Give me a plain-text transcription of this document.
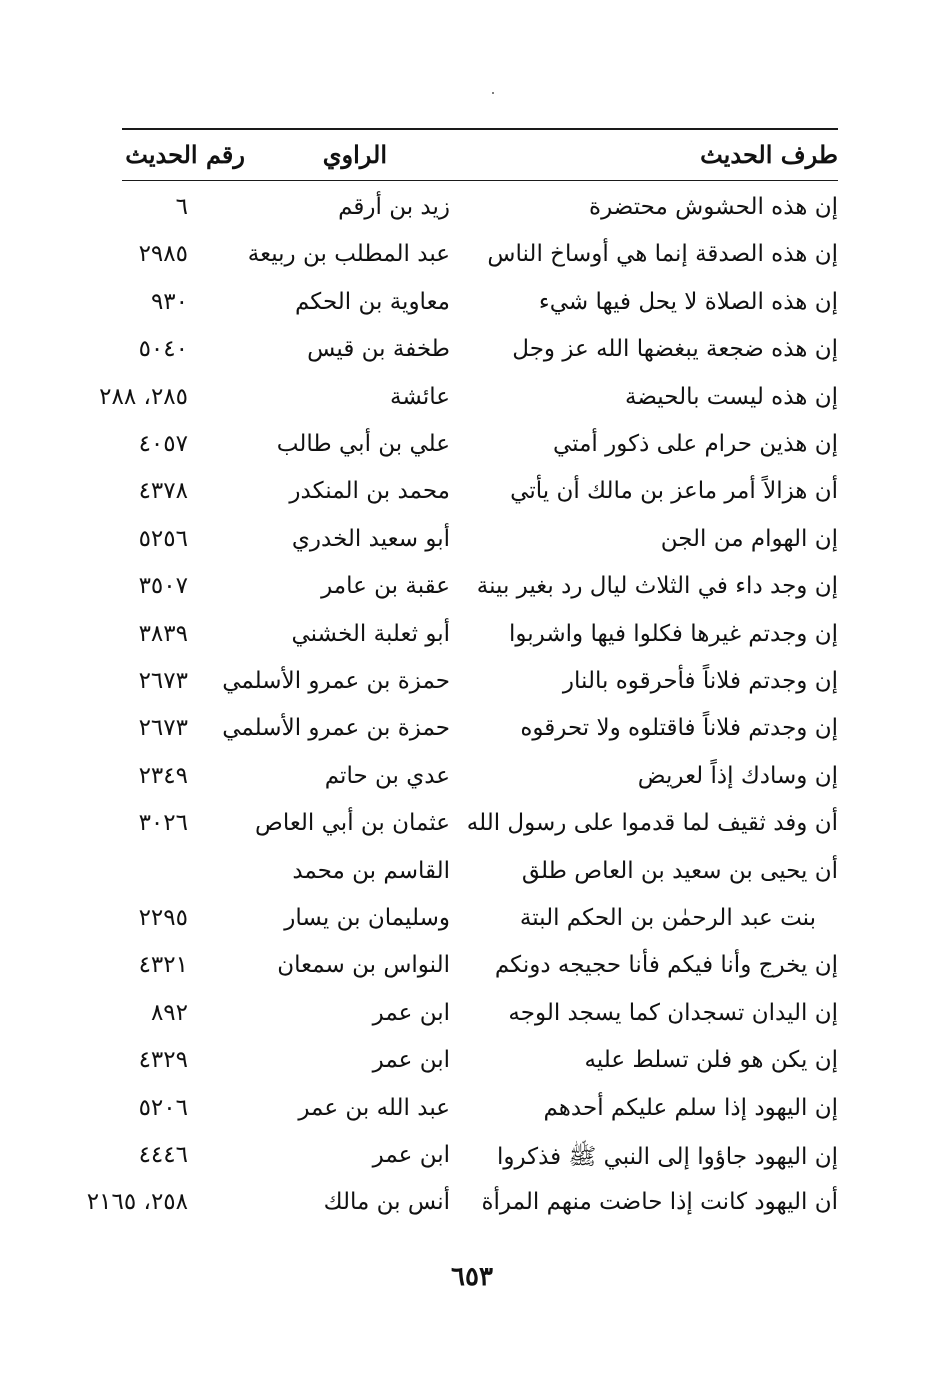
طرف الحديث
الراوي
رقم الحديث
إن هذه الحشوش محتضرة
زيد بن أرقم
٦
إن هذه الصدقة إنما هي أوساخ الناس
عبد المطلب بن ربيعة
٢٩٨٥
إن هذه الصلاة لا يحل فيها شيء
معاوية بن الحكم
٩٣٠
إن هذه ضجعة يبغضها الله عز وجل
طخفة بن قيس
٥٠٤٠
إن هذه ليست بالحيضة
عائشة
٢٨٥، ٢٨٨
إن هذين حرام على ذكور أمتي
علي بن أبي طالب
٤٠٥٧
أن هزالاً أمر ماعز بن مالك أن يأتي
محمد بن المنكدر
٤٣٧٨
إن الهوام من الجن
أبو سعيد الخدري
٥٢٥٦
إن وجد داء في الثلاث ليال رد بغير بينة
عقبة بن عامر
٣٥٠٧
إن وجدتم غيرها فكلوا فيها واشربوا
أبو ثعلبة الخشني
٣٨٣٩
إن وجدتم فلاناً فأحرقوه بالنار
حمزة بن عمرو الأسلمي
٢٦٧٣
إن وجدتم فلاناً فاقتلوه ولا تحرقوه
حمزة بن عمرو الأسلمي
٢٦٧٣
إن وسادك إذاً لعريض
عدي بن حاتم
٢٣٤٩
أن وفد ثقيف لما قدموا على رسول الله
عثمان بن أبي العاص
٣٠٢٦
أن يحيى بن سعيد بن العاص طلق
القاسم بن محمد
بنت عبد الرحمٰن بن الحكم البتة
وسليمان بن يسار
٢٢٩٥
إن يخرج وأنا فيكم فأنا حجيجه دونكم
النواس بن سمعان
٤٣٢١
إن اليدان تسجدان كما يسجد الوجه
ابن عمر
٨٩٢
إن يكن هو فلن تسلط عليه
ابن عمر
٤٣٢٩
إن اليهود إذا سلم عليكم أحدهم
عبد الله بن عمر
٥٢٠٦
إن اليهود جاؤوا إلى النبي ﷺ فذكروا
ابن عمر
٤٤٤٦
أن اليهود كانت إذا حاضت منهم المرأة
أنس بن مالك
٢٥٨، ٢١٦٥
٦٥٣
